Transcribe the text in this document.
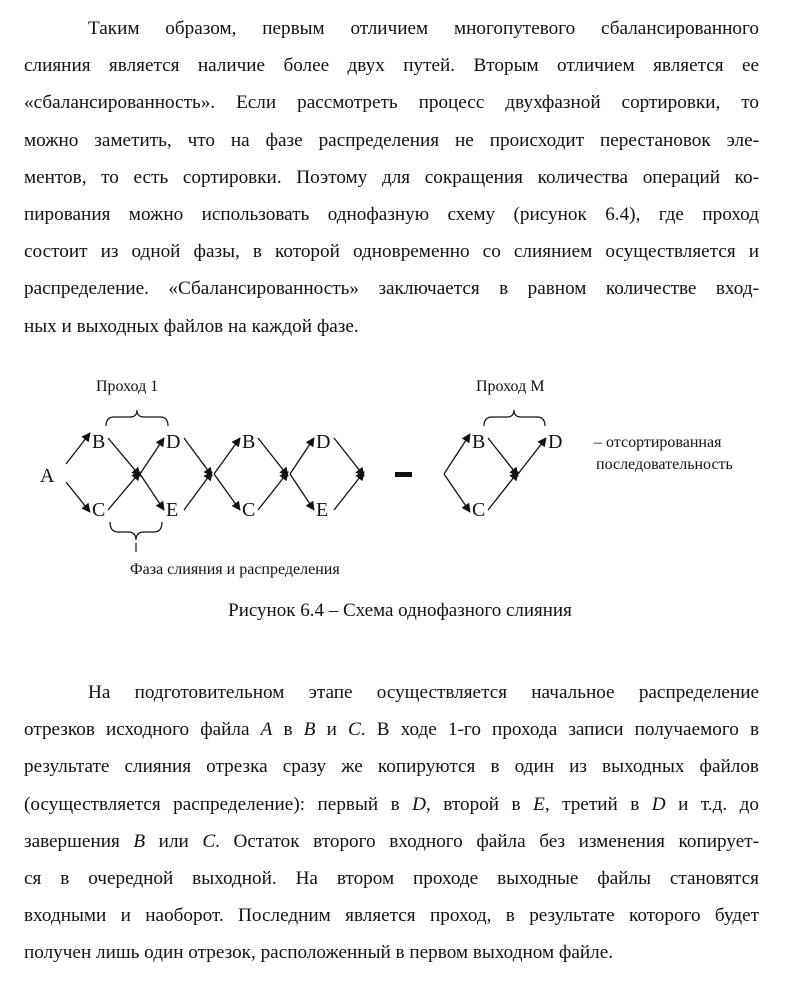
Таким образом, первым отличием многопутевого сбалансированного
слияния является наличие более двух путей. Вторым отличием является ее
«сбалансированность». Если рассмотреть процесс двухфазной сортировки, то
можно заметить, что на фазе распределения не происходит перестановок эле-
ментов, то есть сортировки. Поэтому для сокращения количества операций ко-
пирования можно использовать однофазную схему (рисунок 6.4), где проход
состоит из одной фазы, в которой одновременно со слиянием осуществляется и
распределение. «Сбалансированность» заключается в равном количестве вход-
ных и выходных файлов на каждой фазе.
Проход 1	Проход M
Фаза слияния и распределения
A
B
C
D
E
B
C
D
E
B
C
D – отсортированная
последовательность

Рисунок 6.4 – Схема однофазного слияния

На подготовительном этапе осуществляется начальное распределение
отрезков исходного файла A в B и C. В ходе 1-го прохода записи получаемого в
результате слияния отрезка сразу же копируются в один из выходных файлов
(осуществляется распределение): первый в D, второй в E, третий в D и т.д. до
завершения B или C. Остаток второго входного файла без изменения копирует-
ся в очередной выходной. На втором проходе выходные файлы становятся
входными и наоборот. Последним является проход, в результате которого будет
получен лишь один отрезок, расположенный в первом выходном файле.
